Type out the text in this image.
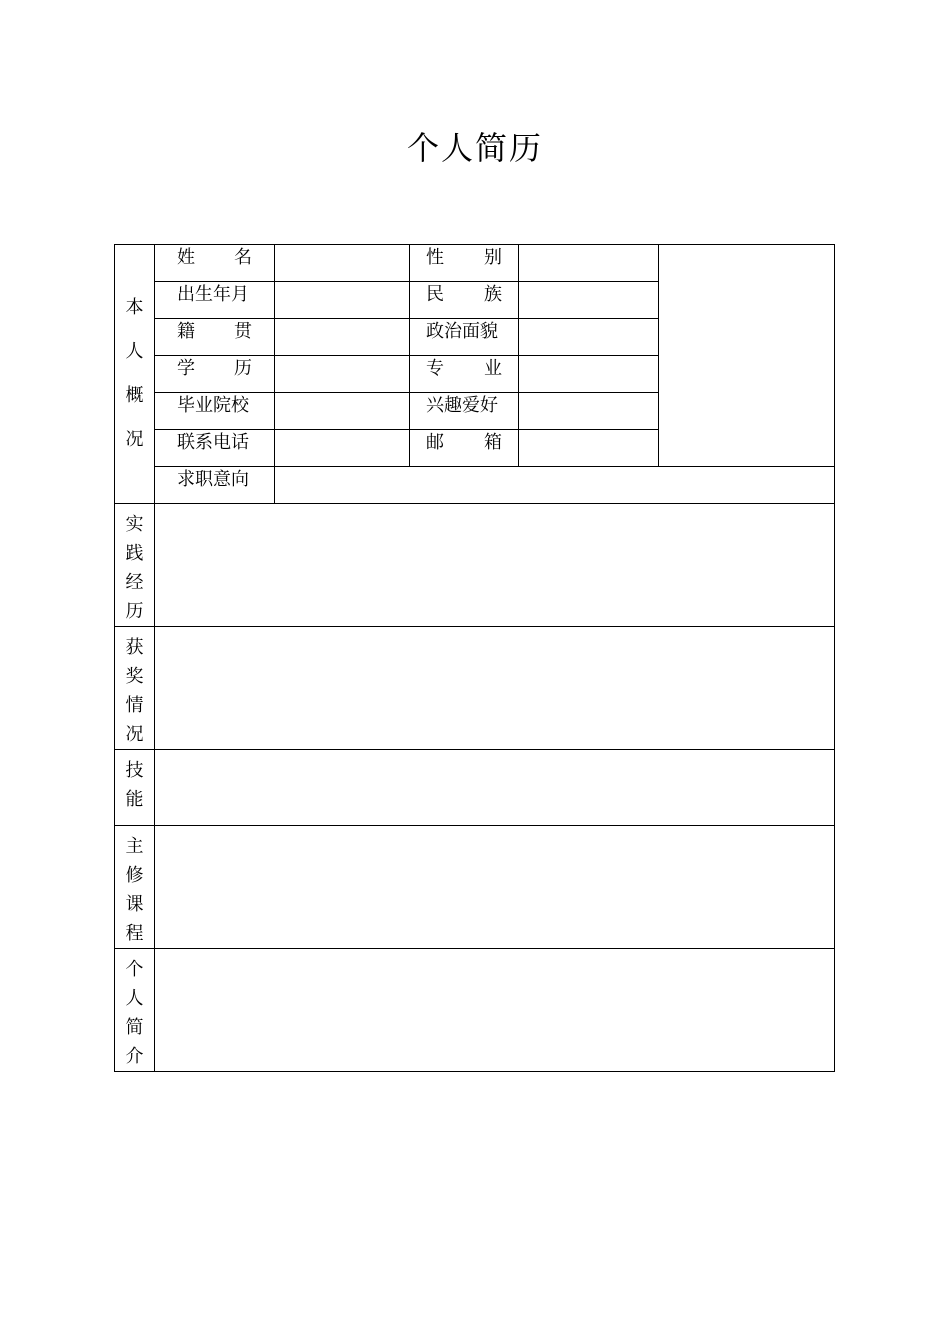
个人简历
本
人
概
况	姓 名		性 别		

	出生年月		民 族		

	籍 贯		政治面貌		

	学 历		专 业		

	毕业院校		兴趣爱好		

	联系电话		邮 箱		

	求职意向				

实
践
经
历					

获
奖
情
况					

技
能					

主
修
课
程					

个
人
简
介					
